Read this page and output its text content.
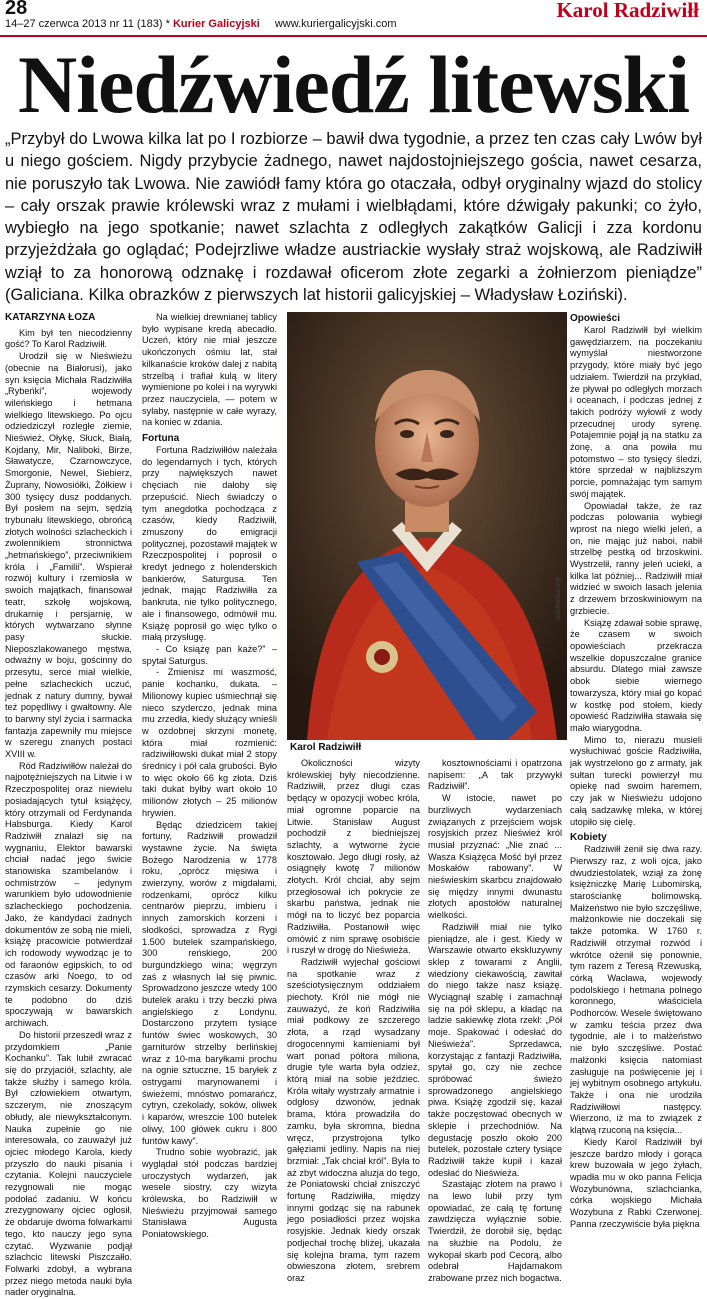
28
14–27 czerwca 2013 nr 11 (183) * Kurier Galicyjski www.kuriergalicyjski.com
Karol Radziwiłł
Niedźwiedź litewski
„Przybył do Lwowa kilka lat po I rozbiorze – bawił dwa tygodnie, a przez ten czas cały Lwów był u niego gościem. Nigdy przybycie żadnego, nawet najdostojniejszego gościa, nawet cesarza, nie poruszyło tak Lwowa. Nie zawiódł famy która go otaczała, odbył oryginalny wjazd do stolicy – cały orszak prawie królewski wraz z mułami i wielbłądami, które dźwigały pakunki; co żyło, wybiegło na jego spotkanie; nawet szlachta z odległych zakątków Galicji i zza kordonu przyjeżdżała go oglądać; Podejrzliwe władze austriackie wysłały straż wojskową, ale Radziwiłł wziął to za honorową odznakę i rozdawał oficerom złote zegarki a żołnierzom pieniądze” (Galiciana. Kilka obrazków z pierwszych lat historii galicyjskiej – Władysław Łoziński).

KATARZYNA ŁOZA

Kim był ten niecodzienny gość? To Karol Radziwiłł.

Urodził się w Nieświeżu (obecnie na Białorusi), jako syn księcia Michała Radziwiłła „Rybeńki”, wojewody wileńskiego i hetmana wielkiego litewskiego. Po ojcu odziedziczył rozległe ziemie, Nieśwież, Ołykę, Słuck, Białą, Kojdany, Mir, Naliboki, Birże, Sławatycze, Czarnowczyce, Smorgonie, Newel, Siebierz, Żuprany, Nowosiółki, Żółkiew i 300 tysięcy dusz poddanych. Był posłem na sejm, sędzią trybunału litewskiego, obrońcą złotych wolności szlacheckich i zwolennikiem stronnictwa „hetmańskiego”, przeciwnikiem króla i „Familii”. Wspierał rozwój kultury i rzemiosła w swoich majątkach, finansował teatr, szkołę wojskową, drukarnię i persjarnię, w których wytwarzano słynne pasy słuckie. Nieposzlakowanego męstwa, odważny w boju, gościnny do przesytu, serce miał wielkie, pełne szlacheckich uczuć, jednak z natury dumny, bywał też popędliwy i gwałtowny. Ale to barwny styl życia i sarmacka fantazja zapewniły mu miejsce w szeregu znanych postaci XVIII w.

Ród Radziwiłłów należał do najpotężniejszych na Litwie i w Rzeczpospolitej oraz niewielu posiadających tytuł książęcy, który otrzymali od Ferdynanda Habsburga. Kiedy Karol Radziwiłł znalazł się na wygnaniu, Elektor bawarski chciał nadać jego świcie stanowiska szambelanów i ochmistrzów – jedynym warunkiem było udowodnienie szlacheckiego pochodzenia. Jako, że kandydaci żadnych dokumentów ze sobą nie mieli, książę pracowicie potwierdzał ich rodowody wywodząc je to od faraonów egipskich, to od czasów arki Noego, to od rzymskich cesarzy. Dokumenty te podobno do dziś spoczywają w bawarskich archiwach.

Do historii przeszedł wraz z przydomkiem „Panie Kochanku”. Tak lubił zwracać się do przyjaciół, szlachty, ale także służby i samego króla. Był człowiekiem otwartym, szczerym, nie znoszącym obłudy, ale niewykształconym. Nauka zupełnie go nie interesowała, co zauważył już ojciec młodego Karola, kiedy przyszło do nauki pisania i czytania. Kolejni nauczyciele rezygnowali nie mogąc podołać zadaniu. W końcu zrezygnowany ojciec ogłosił, że obdaruje dwoma folwarkami tego, kto nauczy jego syna czytać. Wyzwanie podjął szlachcic litewski Piszczałło. Folwarki zdobył, a wybrana przez niego metoda nauki była nader oryginalna.

Na wielkiej drewnianej tablicy było wypisane kredą abecadło. Uczeń, który nie miał jeszcze ukończonych ośmiu lat, stał kilkanaście kroków dalej z nabitą strzelbą i trafiał kulą w litery wymienione po kolei i na wyrywki przez nauczyciela, — potem w sylaby, następnie w całe wyrazy, na koniec w zdania.

Fortuna

Fortuna Radziwiłłów należała do legendarnych i tych, których przy największych nawet chęciach nie dałoby się przepuścić. Niech świadczy o tym anegdotka pochodząca z czasów, kiedy Radziwiłł, zmuszony do emigracji politycznej, pozostawił majątek w Rzeczpospolitej i poprosił o kredyt jednego z holenderskich bankierów, Saturgusa. Ten jednak, mając Radziwiłła za bankruta, nie tylko politycznego, ale i finansowego, odmówił mu. Książę poprosił go więc tylko o małą przysługę.

- Co książę pan każe?” – spytał Saturgus.

- Zmienisz mi waszmość, panie kochanku, dukata. – Milionowy kupiec uśmiechnął się nieco szyderczo, jednak mina mu zrzedła, kiedy służący wnieśli w ozdobnej skrzyni monetę, która miał rozmienić: radziwiłłowski dukat miał 2 stopy średnicy i pół cala grubości. Było to więc około 66 kg złota. Dziś taki dukat byłby wart około 10 milionów złotych – 25 milionów hrywien.

Będąc dziedzicem takiej fortuny, Radziwiłł prowadził wystawne życie. Na święta Bożego Narodzenia w 1778 roku, „oprócz mięsiwa i zwierzyny, worów z migdałami, rodzenkami, oprócz kilku centnarów pieprzu, imbieru i innych zamorskich korzeni i słodkości, sprowadza z Rygi 1.500 butelek szampańskiego, 300 reńskiego, 200 burgundzkiego wina; węgrzyn zaś z własnych lał się piwnic. Sprowadzono jeszcze wtedy 100 butelek araku i trzy beczki piwa angielskiego z Londynu. Dostarczono przytem tysiące funtów świec woskowych, 30 garniturów strzelby berlińskiej wraz z 10-ma baryłkami prochu na ognie sztuczne, 15 baryłek z ostrygami marynowanemi i świeżemi, mnóstwo pomarańcz, cytryn, czekolady, soków, oliwek i kaparów, wreszcie 100 butelek oliwy, 100 główek cukru i 800 funtów kawy”.

Trudno sobie wyobrazić, jak wyglądał stół podczas bardziej uroczystych wydarzeń, jak wesele siostry, czy wizyta królewska, bo Radziwiłł w Nieświeżu przyjmował samego Stanisława Augusta Poniatowskiego.

wikimedia.org
Karol Radziwiłł

Okoliczności wizyty królewskiej były niecodzienne. Radziwiłł, przez długi czas będący w opozycji wobec króla, miał ogromne poparcie na Litwie. Stanisław August pochodził z biedniejszej szlachty, a wytworne życie kosztowało. Jego długi rosły, aż osiągnęły kwotę 7 milionów złotych. Król chciał, aby sejm przegłosował ich pokrycie ze skarbu państwa, jednak nie mógł na to liczyć bez poparcia Radziwiłła. Postanowił więc omówić z nim sprawę osobiście i ruszył w drogę do Nieświeża.

Radziwiłł wyjechał gościowi na spotkanie wraz z sześciotysięcznym oddziałem piechoty. Król nie mógł nie zauważyć, że koń Radziwiłła miał podkowy ze szczerego złota, a rząd wysadzany drogocennymi kamieniami był wart ponad półtora miliona, drugie tyle warta była odzież, którą miał na sobie jeździec. Króla witały wystrzały armatnie i odgłosy dzwonów, jednak brama, która prowadziła do zamku, była skromna, biedna wręcz, przystrojona tylko gałęziami jedliny. Napis na niej brzmiał: „Tak chciał król”. Była to aż zbyt widoczna aluzja do tego, że Poniatowski chciał zniszczyć fortunę Radziwiłła, między innymi godząc się na rabunek jego posiadłości przez wojska rosyjskie. Jednak kiedy orszak podjechał trochę bliżej, ukazała się kolejna brama, tym razem obwieszona złotem, srebrem oraz

kosztownościami i opatrzona napisem: „A tak przywykł Radziwiłł”.

W istocie, nawet po burzliwych wydarzeniach związanych z przejściem wojsk rosyjskich przez Nieśwież król musiał przyznać: „Nie znać ... Wasza Książęca Mość był przez Moskałów rabowany”. W nieświeskim skarbcu znajdowało się między innymi dwunastu złotych apostołów naturalnej wielkości.

Radziwiłł miał nie tylko pieniądze, ale i gest. Kiedy w Warszawie otwarto ekskluzywny sklep z towarami z Anglii, wiedziony ciekawością, zawitał do niego także nasz książę. Wyciągnął szablę i zamachnął się na pół sklepu, a kładąc na ladzie sakiewkę złota rzekł: „Pół moje. Spakować i odesłać do Nieświeża”. Sprzedawca, korzystając z fantazji Radziwiłła, spytał go, czy nie zechce spróbować świeżo sprowadzonego angielskiego piwa. Książę zgodził się, kazał także poczęstować obecnych w sklepie i przechodniów. Na degustację poszło około 200 butelek, pozostałe cztery tysiące Radziwiłł także kupił i kazał odesłać do Nieświeża.

Szastając złotem na prawo i na lewo lubił przy tym opowiadać, że całą tę fortunę zawdzięcza wyłącznie sobie. Twierdził, że dorobił się, będąc na służbie na Podolu, że wykopał skarb pod Cecorą, albo odebrał Hajdamakom zrabowane przez nich bogactwa.

Opowieści

Karol Radziwiłł był wielkim gawędziarzem, na poczekaniu wymyślał niestworzone przygody, które miały być jego udziałem. Twierdził na przykład, że pływał po odległych morzach i oceanach, i podczas jednej z takich podróży wyłowił z wody przecudnej urody syrenę. Potajemnie pojął ją na statku za żonę, a ona powiła mu potomstwo – sto tysięcy śledzi, które sprzedał w najbliższym porcie, pomnażając tym samym swój majątek.

Opowiadał także, że raz podczas polowania wybiegł wprost na niego wielki jeleń, a on, nie mając już naboi, nabił strzelbę pestką od brzoskwini. Wystrzelił, ranny jeleń uciekł, a kilka lat później... Radziwiłł miał widzieć w swoich lasach jelenia z drzewem brzoskwiniowym na grzbiecie.

Książę zdawał sobie sprawę, że czasem w swoich opowieściach przekracza wszelkie dopuszczalne granice absurdu. Dlatego miał zawsze obok siebie wiernego towarzysza, który miał go kopać w kostkę pod stołem, kiedy opowieść Radziwiłła stawała się mało wiarygodna.

Mimo to, nierazu musieli wysłuchiwać goście Radziwiłła, jak wystrzelono go z armaty, jak sułtan turecki powierzył mu opiekę nad swoim haremem, czy jak w Nieświeżu udojono całą sadzawkę mleka, w której utopiło się cielę.

Kobiety

Radziwiłł żenił się dwa razy. Pierwszy raz, z woli ojca, jako dwudziestolatek, wziął za żonę księżniczkę Marię Lubomirską, starościankę bolimowską. Małżeństwo nie było szczęśliwe, małżonkowie nie doczekali się także potomka. W 1760 r. Radziwiłł otrzymał rozwód i wkrótce ożenił się ponownie, tym razem z Teresą Rzewuską, córką Wacława, wojewody podolskiego i hetmana polnego koronnego, właściciela Podhorców. Wesele świętowano w zamku teścia przez dwa tygodnie, ale i to małżeństwo nie było szczęśliwe. Postać małżonki księcia natomiast zasługuje na poświęcenie jej i jej wybitnym osobnego artykułu. Także i ona nie urodziła Radziwiłłowi następcy. Wierzono, iż ma to związek z klątwą rzuconą na księcia...

Kiedy Karol Radziwiłł był jeszcze bardzo młody i gorąca krew buzowała w jego żyłach, wpadła mu w oko panna Felicja Wozybunówna, szlachcianka, córka wojskiego Michała Wozybuna z Rabki Czerwonej. Panna rzeczywiście była piękna
